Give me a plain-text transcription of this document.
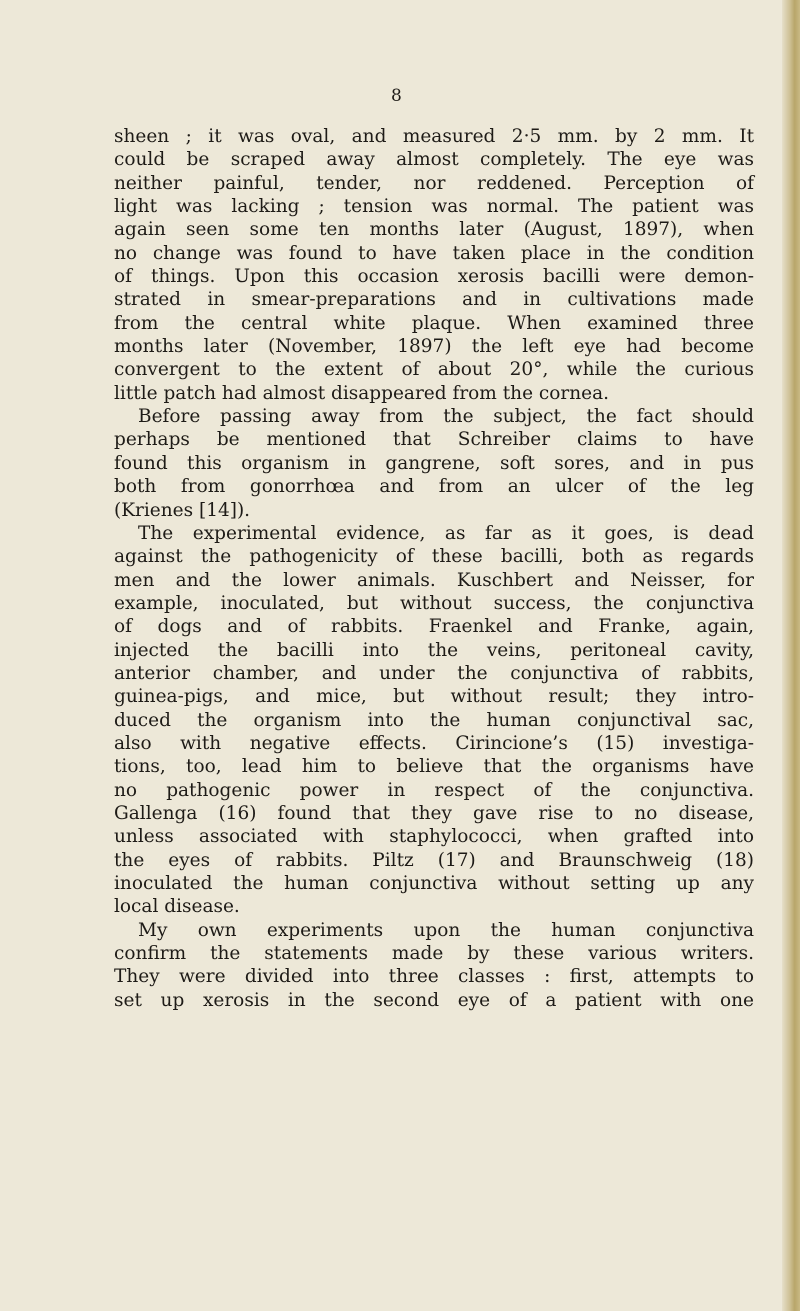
8
sheen ; it was oval, and measured 2·5 mm. by 2 mm. It
could be scraped away almost completely. The eye was
neither painful, tender, nor reddened. Perception of
light was lacking ; tension was normal. The patient was
again seen some ten months later (August, 1897), when
no change was found to have taken place in the condition
of things. Upon this occasion xerosis bacilli were demon-
strated in smear-preparations and in cultivations made
from the central white plaque. When examined three
months later (November, 1897) the left eye had become
convergent to the extent of about 20°, while the curious
little patch had almost disappeared from the cornea.
Before passing away from the subject, the fact should
perhaps be mentioned that Schreiber claims to have
found this organism in gangrene, soft sores, and in pus
both from gonorrhœa and from an ulcer of the leg
(Krienes [14]).
The experimental evidence, as far as it goes, is dead
against the pathogenicity of these bacilli, both as regards
men and the lower animals. Kuschbert and Neisser, for
example, inoculated, but without success, the conjunctiva
of dogs and of rabbits. Fraenkel and Franke, again,
injected the bacilli into the veins, peritoneal cavity,
anterior chamber, and under the conjunctiva of rabbits,
guinea-pigs, and mice, but without result; they intro-
duced the organism into the human conjunctival sac,
also with negative effects. Cirincione’s (15) investiga-
tions, too, lead him to believe that the organisms have
no pathogenic power in respect of the conjunctiva.
Gallenga (16) found that they gave rise to no disease,
unless associated with staphylococci, when grafted into
the eyes of rabbits. Piltz (17) and Braunschweig (18)
inoculated the human conjunctiva without setting up any
local disease.
My own experiments upon the human conjunctiva
confirm the statements made by these various writers.
They were divided into three classes : first, attempts to
set up xerosis in the second eye of a patient with one
